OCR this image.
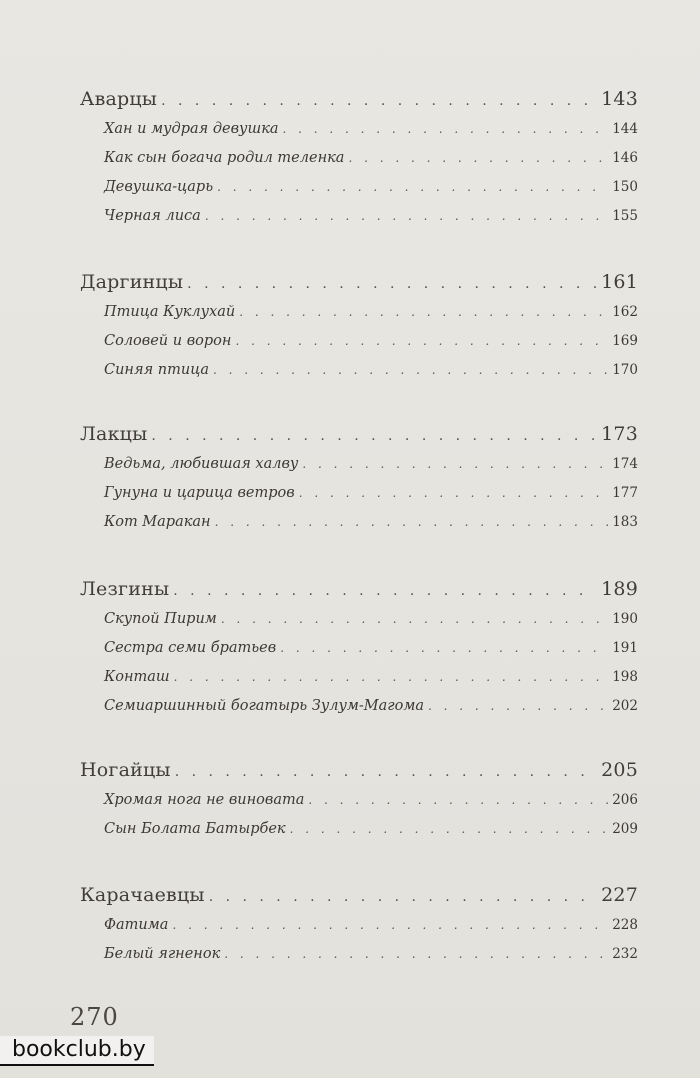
Аварцы . . .	143
Хан и мудрая девушка . . .	144
Как сын богача родил теленка . . .	146
Девушка-царь . . .	150
Черная лиса . . .	155
Даргинцы . . .	161
Птица Куклухай . . .	162
Соловей и ворон . . .	169
Синяя птица . . .	170
Лакцы . . .	173
Ведьма, любившая халву . . .	174
Гунуна и царица ветров . . .	177
Кот Маракан . . .	183
Лезгины . . .	189
Скупой Пирим . . .	190
Сестра семи братьев . . .	191
Конташ . . .	198
Семиаршинный богатырь Зулум-Магома . . .	202
Ногайцы . . .	205
Хромая нога не виновата . . .	206
Сын Болата Батырбек . . .	209
Карачаевцы . . .	227
Фатима . . .	228
Белый ягненок . . .	232
270
bookclub.by
